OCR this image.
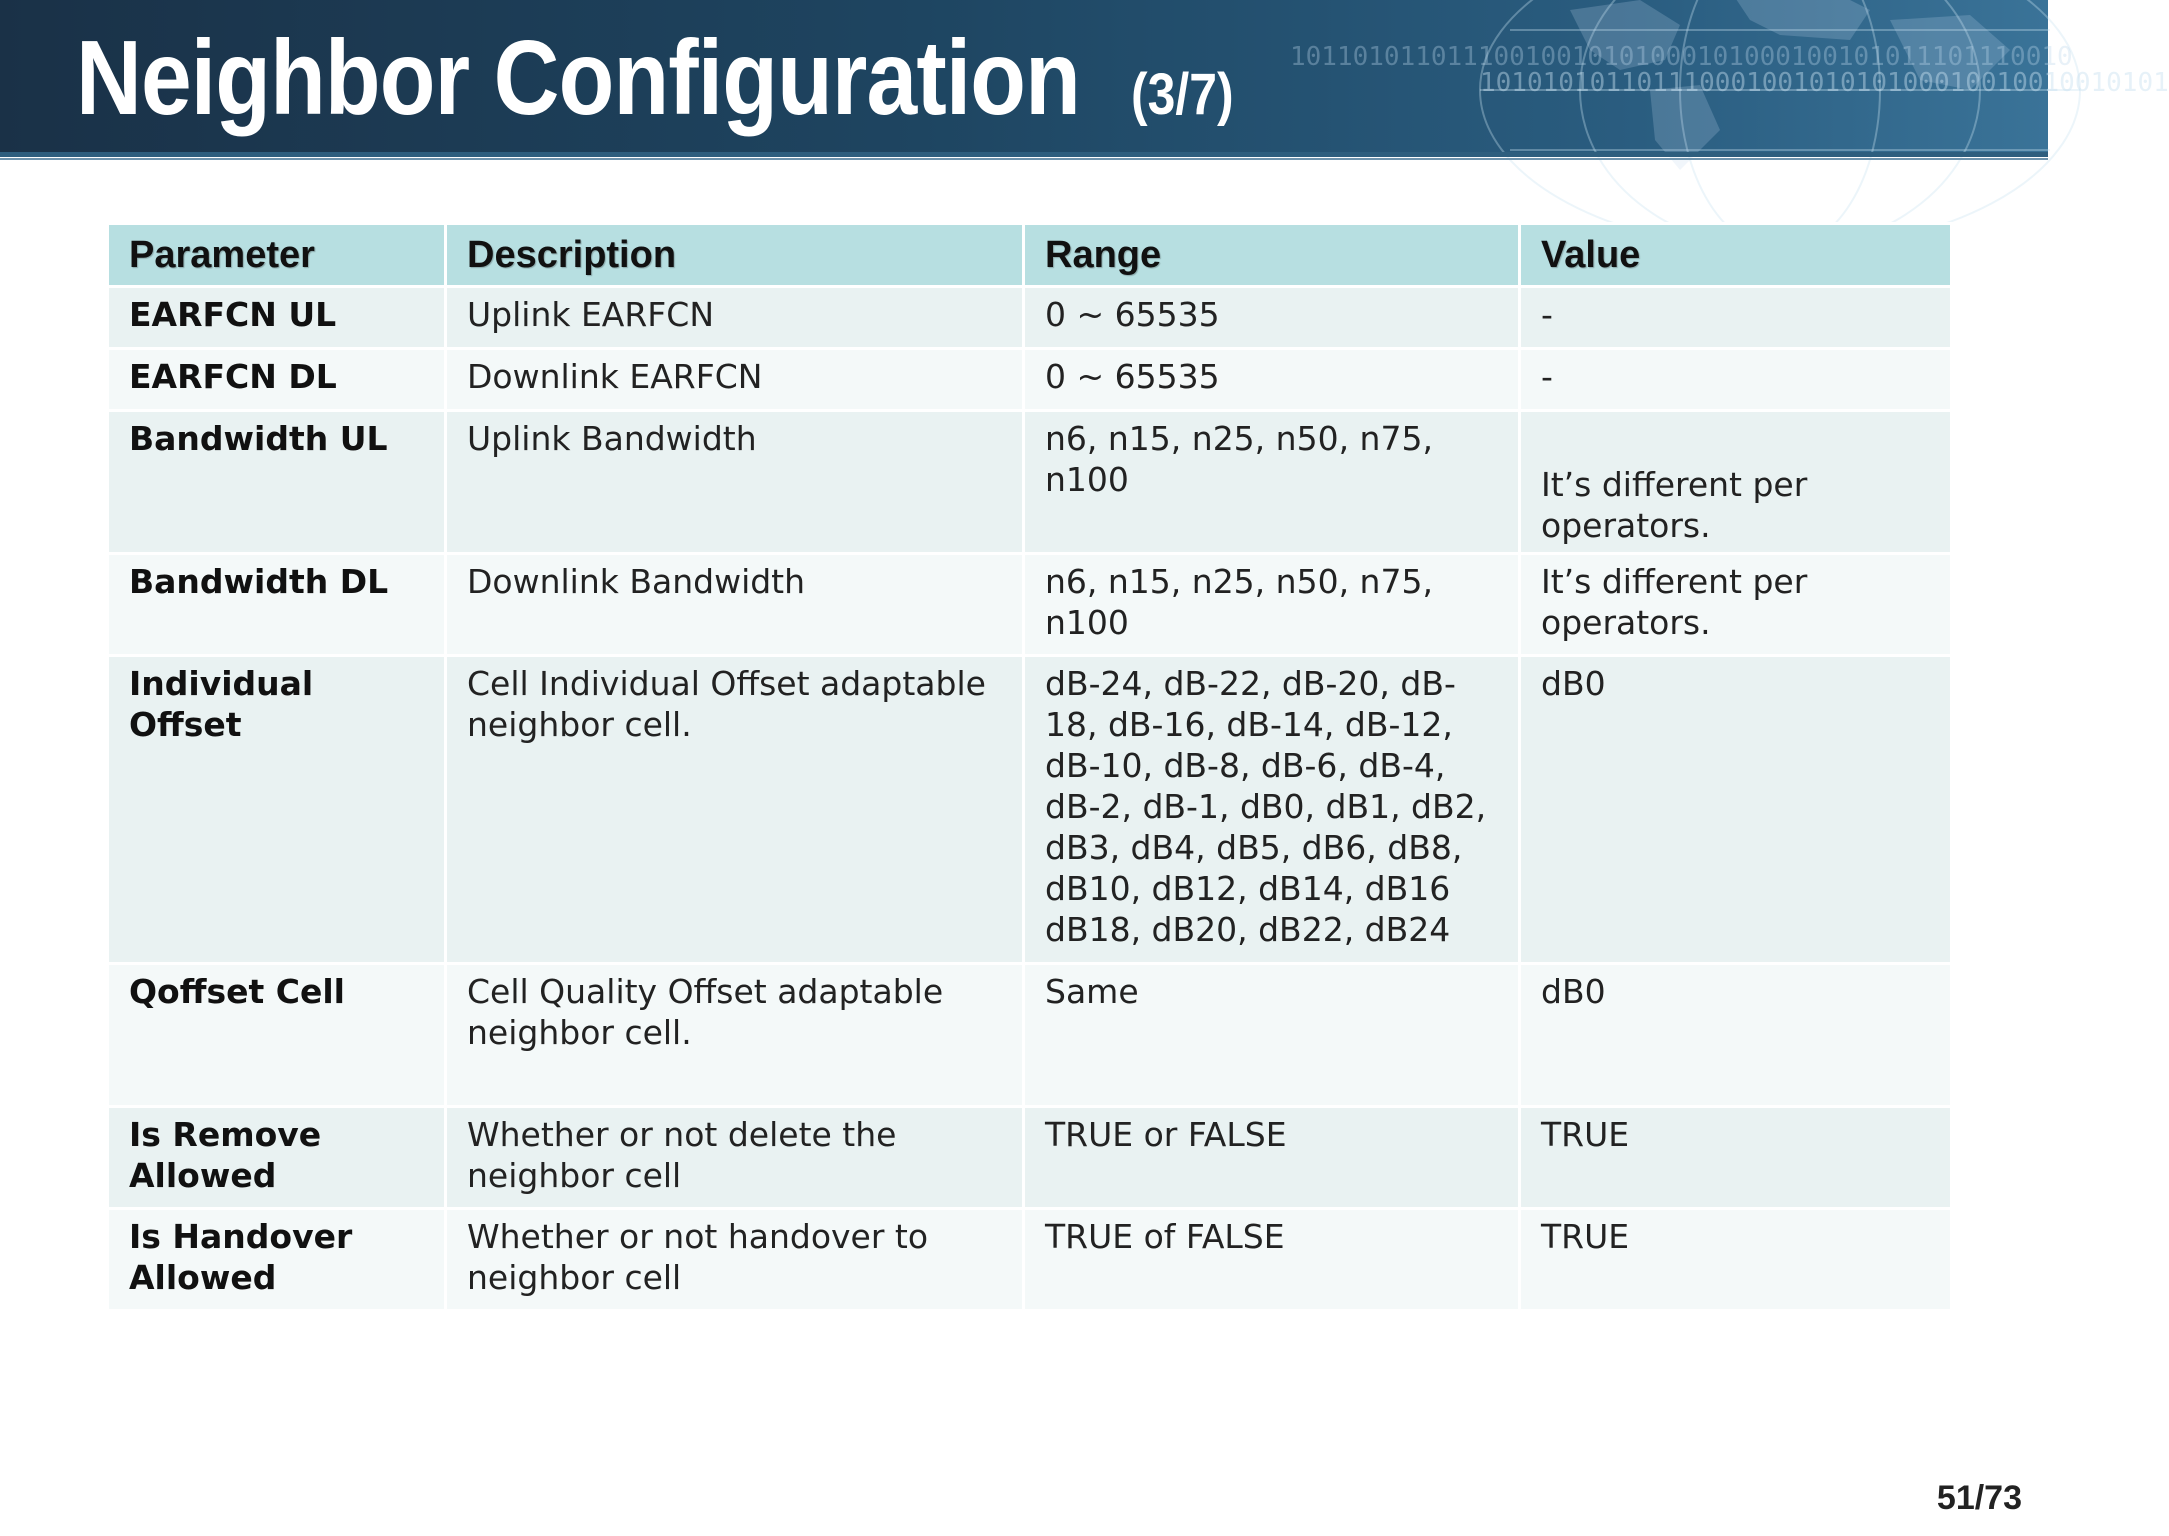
10110101101110010010101000101000100101011101110010
10101010110111000100101010100010010010010101
Neighbor Configuration (3/7)
Parameter	Description	Range	Value
EARFCN UL	Uplink EARFCN	0 ~ 65535	-
EARFCN DL	Downlink EARFCN	0 ~ 65535	-
Bandwidth UL	Uplink Bandwidth	n6, n15, n25, n50, n75, n100	It’s different per operators.
Bandwidth DL	Downlink Bandwidth	n6, n15, n25, n50, n75, n100	It’s different per operators.
Individual Offset	Cell Individual Offset adaptable neighbor cell.	dB-24, dB-22, dB-20, dB-18, dB-16, dB-14, dB-12, dB-10, dB-8, dB-6, dB-4, dB-2, dB-1, dB0, dB1, dB2, dB3, dB4, dB5, dB6, dB8, dB10, dB12, dB14, dB16 dB18, dB20, dB22, dB24	dB0
Qoffset Cell	Cell Quality Offset adaptable neighbor cell.	Same	dB0
Is Remove Allowed	Whether or not delete the neighbor cell	TRUE or FALSE	TRUE
Is Handover Allowed	Whether or not handover to neighbor cell	TRUE of FALSE	TRUE
51/73
